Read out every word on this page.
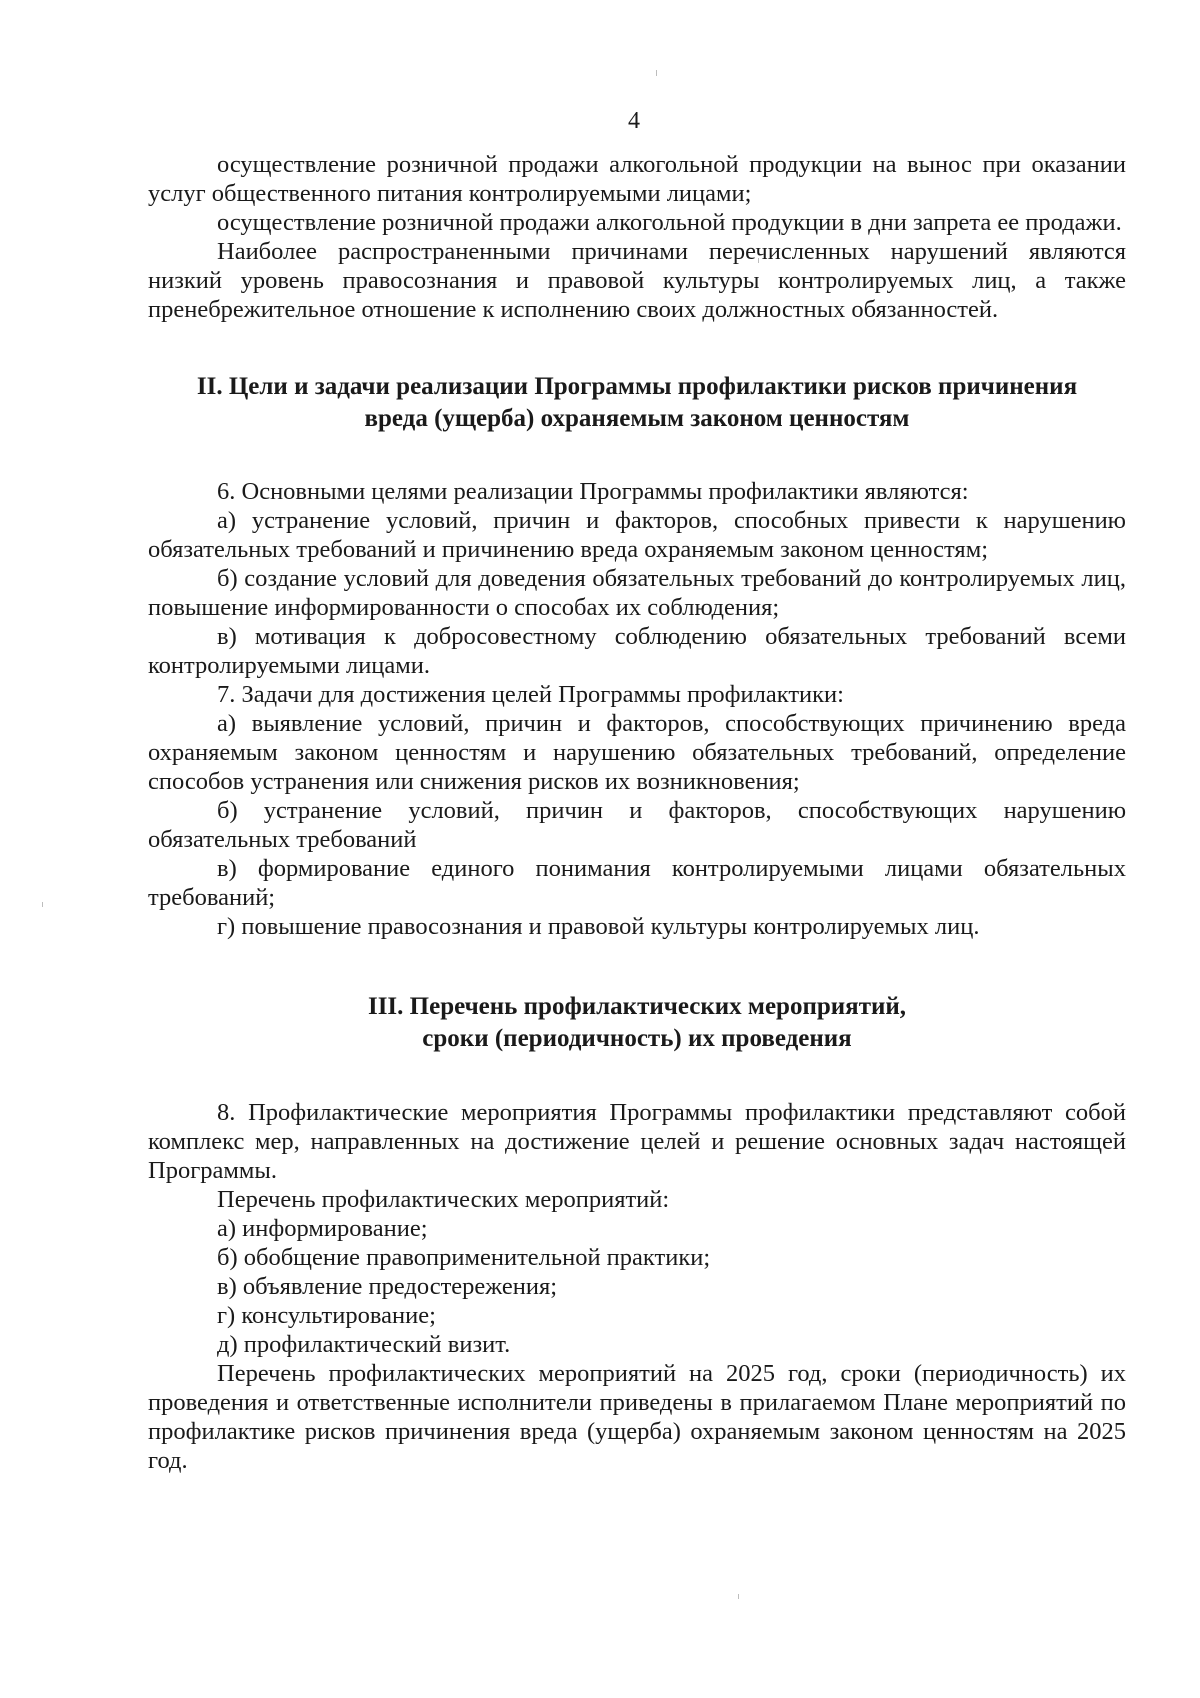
4

осуществление розничной продажи алкогольной продукции на вынос при оказании услуг общественного питания контролируемыми лицами;

осуществление розничной продажи алкогольной продукции в дни запрета ее продажи.

Наиболее распространенными причинами перечисленных нарушений являются низкий уровень правосознания и правовой культуры контролируемых лиц, а также пренебрежительное отношение к исполнению своих должностных обязанностей.

II. Цели и задачи реализации Программы профилактики рисков причинения
вреда (ущерба) охраняемым законом ценностям

6. Основными целями реализации Программы профилактики являются:

а) устранение условий, причин и факторов, способных привести к нарушению обязательных требований и причинению вреда охраняемым законом ценностям;

б) создание условий для доведения обязательных требований до контролируемых лиц, повышение информированности о способах их соблюдения;

в) мотивация к добросовестному соблюдению обязательных требований всеми контролируемыми лицами.

7. Задачи для достижения целей Программы профилактики:

а) выявление условий, причин и факторов, способствующих причинению вреда охраняемым законом ценностям и нарушению обязательных требований, определение способов устранения или снижения рисков их возникновения;

б) устранение условий, причин и факторов, способствующих нарушению обязательных требований

в) формирование единого понимания контролируемыми лицами обязательных требований;

г) повышение правосознания и правовой культуры контролируемых лиц.

III. Перечень профилактических мероприятий,
сроки (периодичность) их проведения

8. Профилактические мероприятия Программы профилактики представляют собой комплекс мер, направленных на достижение целей и решение основных задач настоящей Программы.

Перечень профилактических мероприятий:

а) информирование;

б) обобщение правоприменительной практики;

в) объявление предостережения;

г) консультирование;

д) профилактический визит.

Перечень профилактических мероприятий на 2025 год, сроки (периодичность) их проведения и ответственные исполнители приведены в прилагаемом Плане мероприятий по профилактике рисков причинения вреда (ущерба) охраняемым законом ценностям на 2025 год.
